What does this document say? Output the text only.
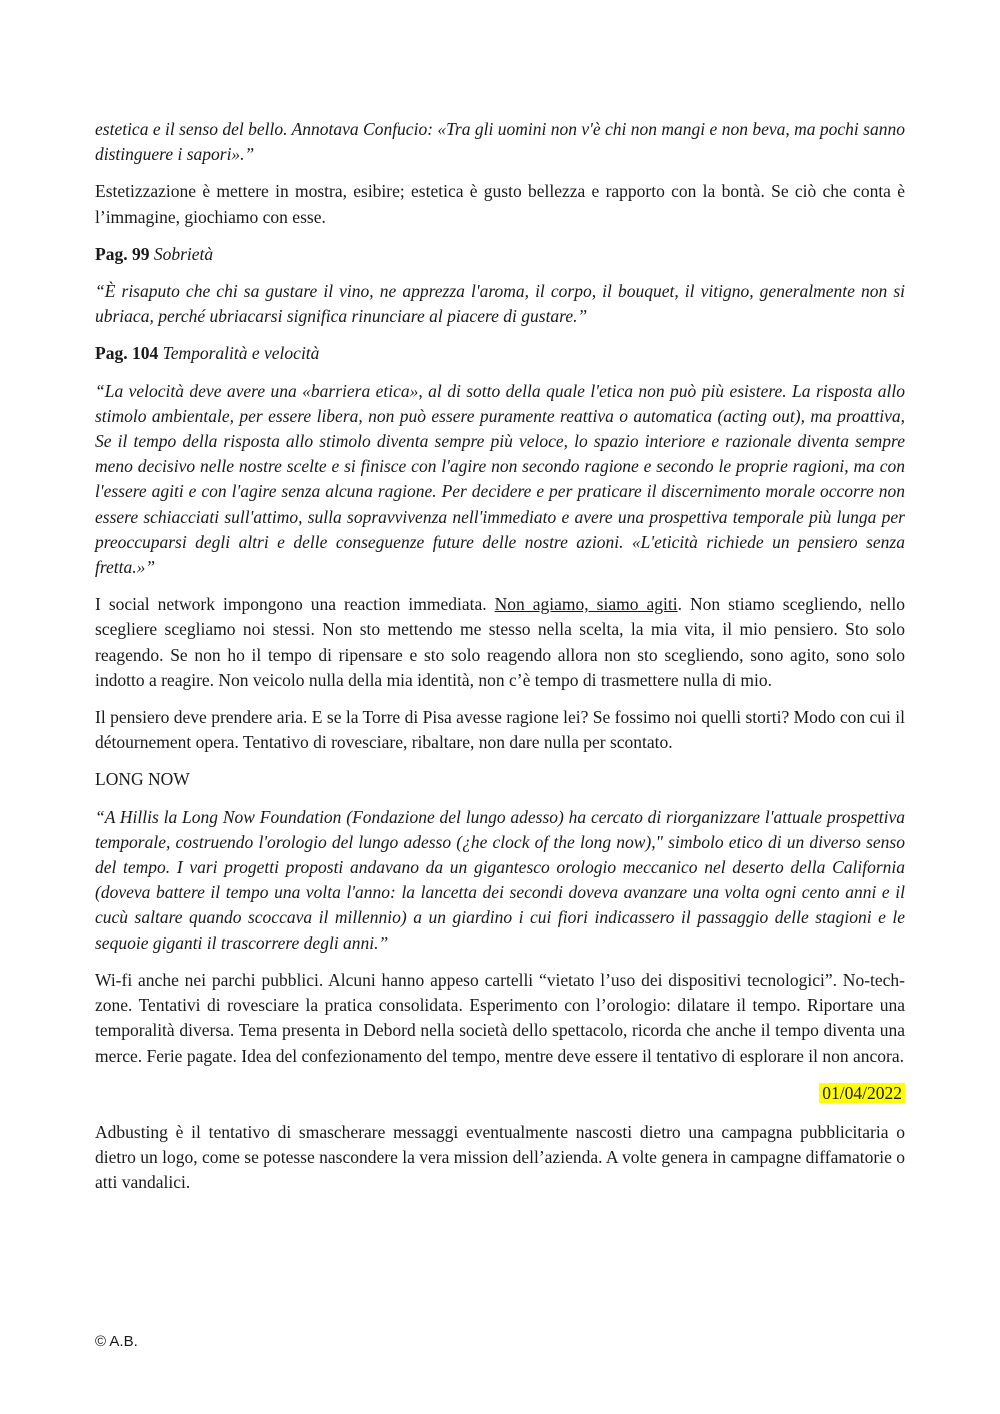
estetica e il senso del bello. Annotava Confucio: «Tra gli uomini non v'è chi non mangi e non beva, ma pochi sanno distinguere i sapori».”

Estetizzazione è mettere in mostra, esibire; estetica è gusto bellezza e rapporto con la bontà. Se ciò che conta è l’immagine, giochiamo con esse.

Pag. 99 Sobrietà

“È risaputo che chi sa gustare il vino, ne apprezza l'aroma, il corpo, il bouquet, il vitigno, generalmente non si ubriaca, perché ubriacarsi significa rinunciare al piacere di gustare.”

Pag. 104 Temporalità e velocità

“La velocità deve avere una «barriera etica», al di sotto della quale l'etica non può più esistere. La risposta allo stimolo ambientale, per essere libera, non può essere puramente reattiva o automatica (acting out), ma proattiva, Se il tempo della risposta allo stimolo diventa sempre più veloce, lo spazio interiore e razionale diventa sempre meno decisivo nelle nostre scelte e si finisce con l'agire non secondo ragione e secondo le proprie ragioni, ma con l'essere agiti e con l'agire senza alcuna ragione. Per decidere e per praticare il discernimento morale occorre non essere schiacciati sull'attimo, sulla sopravvivenza nell'immediato e avere una prospettiva temporale più lunga per preoccuparsi degli altri e delle conseguenze future delle nostre azioni. «L'eticità richiede un pensiero senza fretta.»”

I social network impongono una reaction immediata. Non agiamo, siamo agiti. Non stiamo scegliendo, nello scegliere scegliamo noi stessi. Non sto mettendo me stesso nella scelta, la mia vita, il mio pensiero. Sto solo reagendo. Se non ho il tempo di ripensare e sto solo reagendo allora non sto scegliendo, sono agito, sono solo indotto a reagire. Non veicolo nulla della mia identità, non c’è tempo di trasmettere nulla di mio.

Il pensiero deve prendere aria. E se la Torre di Pisa avesse ragione lei? Se fossimo noi quelli storti? Modo con cui il détournement opera. Tentativo di rovesciare, ribaltare, non dare nulla per scontato.

LONG NOW

“A Hillis la Long Now Foundation (Fondazione del lungo adesso) ha cercato di riorganizzare l'attuale prospettiva temporale, costruendo l'orologio del lungo adesso (¿he clock of the long now)," simbolo etico di un diverso senso del tempo. I vari progetti proposti andavano da un gigantesco orologio meccanico nel deserto della California (doveva battere il tempo una volta l'anno: la lancetta dei secondi doveva avanzare una volta ogni cento anni e il cucù saltare quando scoccava il millennio) a un giardino i cui fiori indicassero il passaggio delle stagioni e le sequoie giganti il trascorrere degli anni.”

Wi-fi anche nei parchi pubblici. Alcuni hanno appeso cartelli “vietato l’uso dei dispositivi tecnologici”. No-tech-zone. Tentativi di rovesciare la pratica consolidata. Esperimento con l’orologio: dilatare il tempo. Riportare una temporalità diversa. Tema presenta in Debord nella società dello spettacolo, ricorda che anche il tempo diventa una merce. Ferie pagate. Idea del confezionamento del tempo, mentre deve essere il tentativo di esplorare il non ancora.

01/04/2022

Adbusting è il tentativo di smascherare messaggi eventualmente nascosti dietro una campagna pubblicitaria o dietro un logo, come se potesse nascondere la vera mission dell’azienda. A volte genera in campagne diffamatorie o atti vandalici.

© A.B.
